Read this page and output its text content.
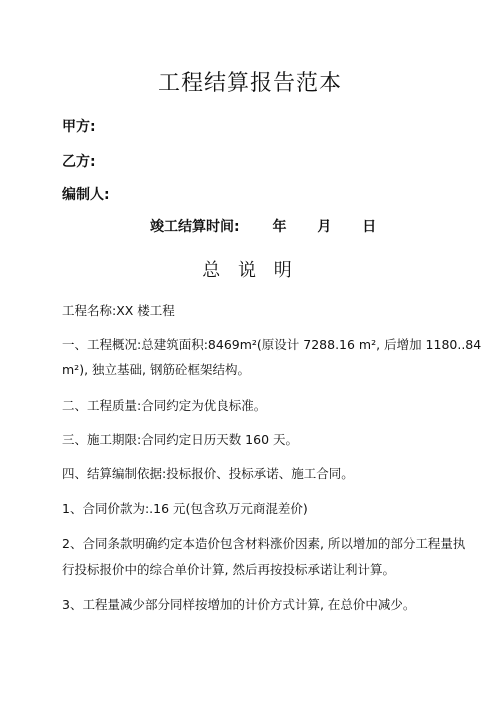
工程结算报告范本
甲方:
乙方:
编制人:
竣工结算时间: 年 月 日
总 说 明
工程名称:XX 楼工程
一、工程概况:总建筑面积:8469m²(原设计 7288.16 m², 后增加 1180..84
m²), 独立基础, 钢筋砼框架结构。
二、工程质量:合同约定为优良标准。
三、施工期限:合同约定日历天数 160 天。
四、结算编制依据:投标报价、投标承诺、施工合同。
1、合同价款为:.16 元(包含玖万元商混差价)
2、合同条款明确约定本造价包含材料涨价因素, 所以增加的部分工程量执
行投标报价中的综合单价计算, 然后再按投标承诺让利计算。
3、工程量减少部分同样按增加的计价方式计算, 在总价中减少。
